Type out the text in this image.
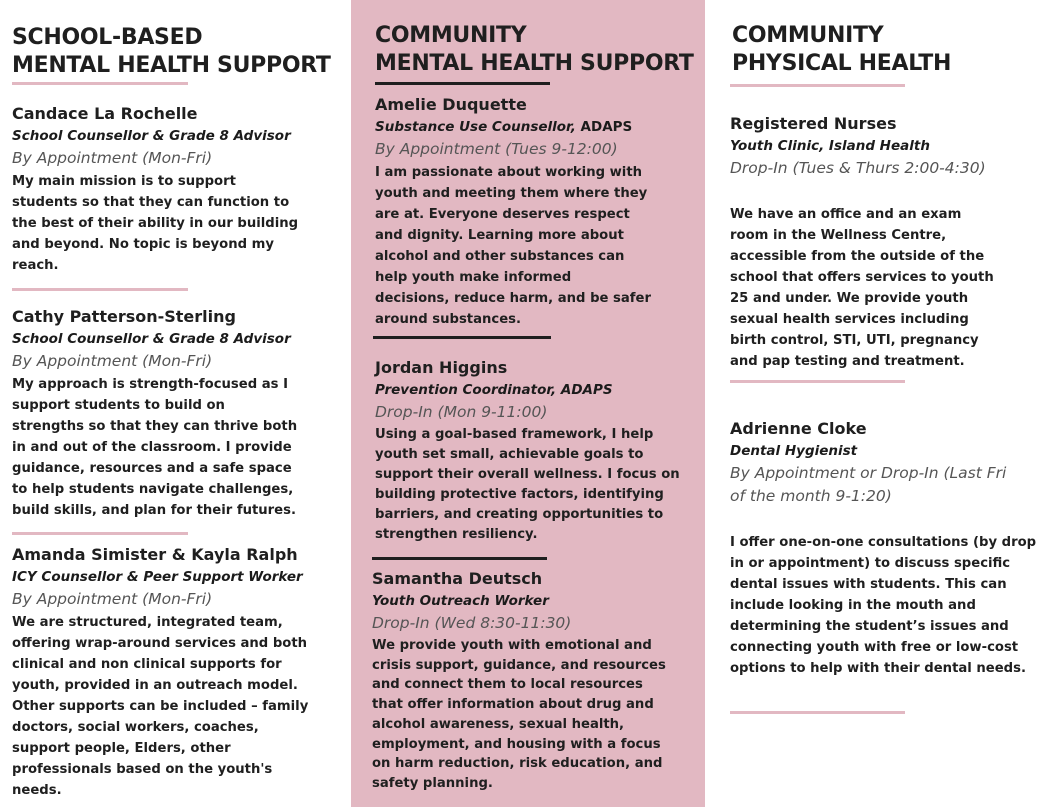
SCHOOL-BASED
MENTAL HEALTH SUPPORT
Candace La Rochelle
School Counsellor & Grade 8 Advisor
By Appointment (Mon-Fri)
My main mission is to support
students so that they can function to
the best of their ability in our building
and beyond. No topic is beyond my
reach.
Cathy Patterson-Sterling
School Counsellor & Grade 8 Advisor
By Appointment (Mon-Fri)
My approach is strength-focused as I
support students to build on
strengths so that they can thrive both
in and out of the classroom. I provide
guidance, resources and a safe space
to help students navigate challenges,
build skills, and plan for their futures.
Amanda Simister & Kayla Ralph
ICY Counsellor & Peer Support Worker
By Appointment (Mon-Fri)
We are structured, integrated team,
offering wrap-around services and both
clinical and non clinical supports for
youth, provided in an outreach model.
Other supports can be included – family
doctors, social workers, coaches,
support people, Elders, other
professionals based on the youth's
needs.
COMMUNITY
MENTAL HEALTH SUPPORT
Amelie Duquette
Substance Use Counsellor, ADAPS
By Appointment (Tues 9-12:00)
I am passionate about working with
youth and meeting them where they
are at. Everyone deserves respect
and dignity. Learning more about
alcohol and other substances can
help youth make informed
decisions, reduce harm, and be safer
around substances.
Jordan Higgins
Prevention Coordinator, ADAPS
Drop-In (Mon 9-11:00)
Using a goal-based framework, I help
youth set small, achievable goals to
support their overall wellness. I focus on
building protective factors, identifying
barriers, and creating opportunities to
strengthen resiliency.
Samantha Deutsch
Youth Outreach Worker
Drop-In (Wed 8:30-11:30)
We provide youth with emotional and
crisis support, guidance, and resources
and connect them to local resources
that offer information about drug and
alcohol awareness, sexual health,
employment, and housing with a focus
on harm reduction, risk education, and
safety planning.
COMMUNITY
PHYSICAL HEALTH
Registered Nurses
Youth Clinic, Island Health
Drop-In (Tues & Thurs 2:00-4:30)
We have an office and an exam
room in the Wellness Centre,
accessible from the outside of the
school that offers services to youth
25 and under. We provide youth
sexual health services including
birth control, STI, UTI, pregnancy
and pap testing and treatment.
Adrienne Cloke
Dental Hygienist
By Appointment or Drop-In (Last Fri
of the month 9-1:20)
I offer one-on-one consultations (by drop
in or appointment) to discuss specific
dental issues with students. This can
include looking in the mouth and
determining the student’s issues and
connecting youth with free or low-cost
options to help with their dental needs.
